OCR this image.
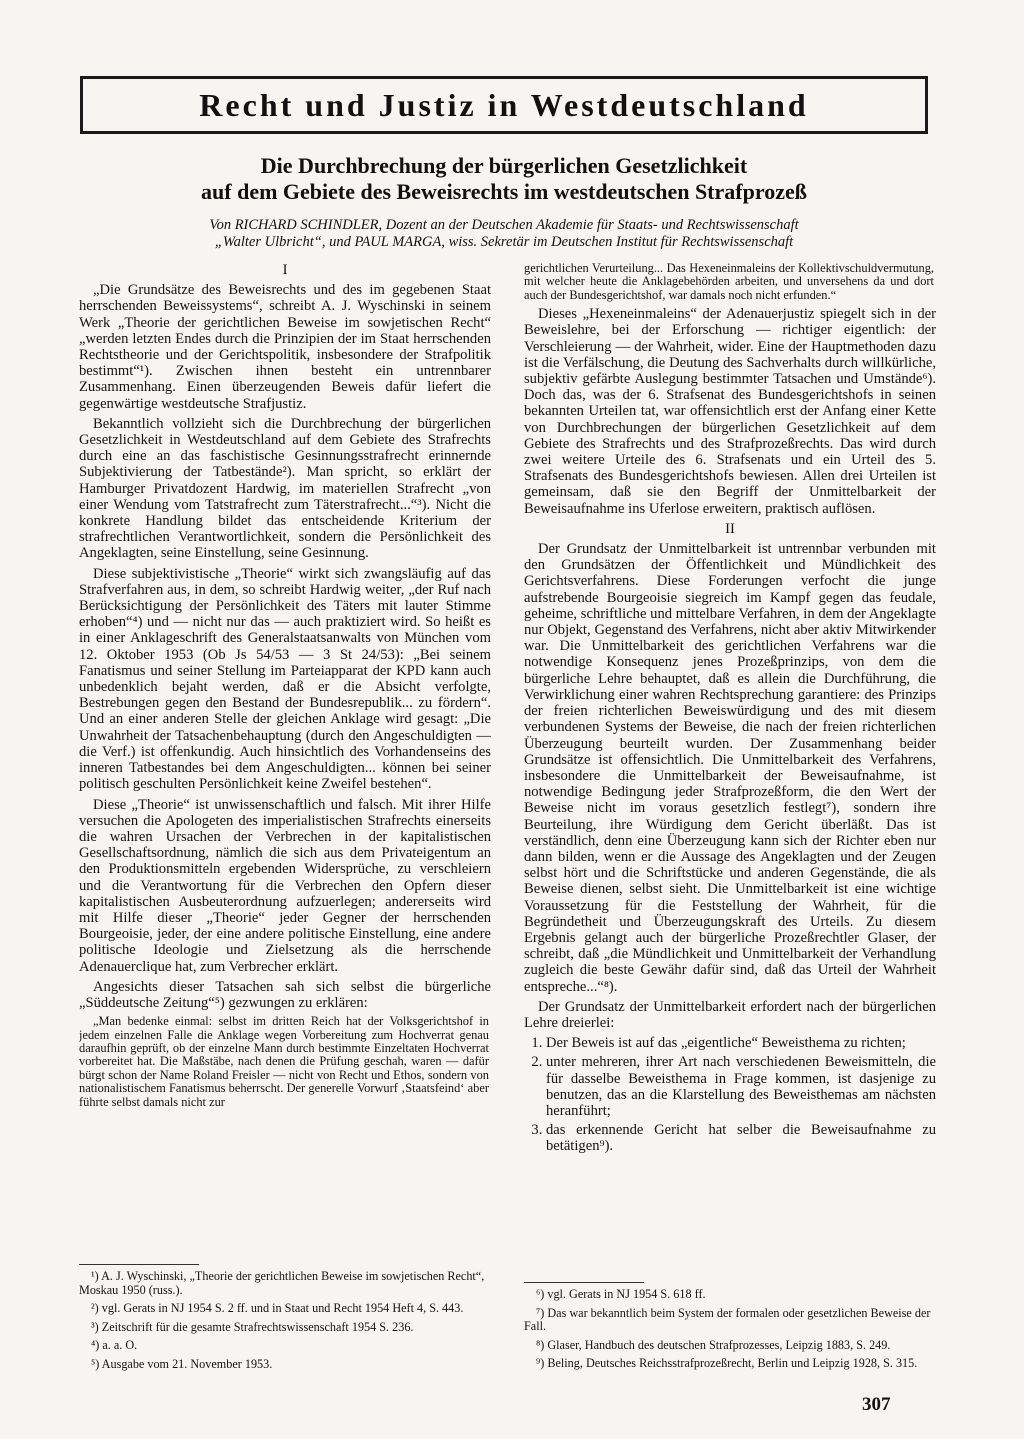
Recht und Justiz in Westdeutschland
Die Durchbrechung der bürgerlichen Gesetzlichkeit
auf dem Gebiete des Beweisrechts im westdeutschen Strafprozeß
Von RICHARD SCHINDLER, Dozent an der Deutschen Akademie für Staats- und Rechtswissenschaft
„Walter Ulbricht“, und PAUL MARGA, wiss. Sekretär im Deutschen Institut für Rechtswissenschaft

I

„Die Grundsätze des Beweisrechts und des im gegebenen Staat herrschenden Beweissystems“, schreibt A. J. Wyschinski in seinem Werk „Theorie der gerichtlichen Beweise im sowjetischen Recht“ „werden letzten Endes durch die Prinzipien der im Staat herrschenden Rechtstheorie und der Gerichtspolitik, insbesondere der Strafpolitik bestimmt“¹). Zwischen ihnen besteht ein untrennbarer Zusammenhang. Einen überzeugenden Beweis dafür liefert die gegenwärtige westdeutsche Strafjustiz.

Bekanntlich vollzieht sich die Durchbrechung der bürgerlichen Gesetzlichkeit in Westdeutschland auf dem Gebiete des Strafrechts durch eine an das faschistische Gesinnungsstrafrecht erinnernde Subjektivierung der Tatbestände²). Man spricht, so erklärt der Hamburger Privatdozent Hardwig, im materiellen Strafrecht „von einer Wendung vom Tatstrafrecht zum Täterstrafrecht...“³). Nicht die konkrete Handlung bildet das entscheidende Kriterium der strafrechtlichen Verantwortlichkeit, sondern die Persönlichkeit des Angeklagten, seine Einstellung, seine Gesinnung.

Diese subjektivistische „Theorie“ wirkt sich zwangsläufig auf das Strafverfahren aus, in dem, so schreibt Hardwig weiter, „der Ruf nach Berücksichtigung der Persönlichkeit des Täters mit lauter Stimme erhoben“⁴) und — nicht nur das — auch praktiziert wird. So heißt es in einer Anklageschrift des Generalstaatsanwalts von München vom 12. Oktober 1953 (Ob Js 54/53 — 3 St 24/53): „Bei seinem Fanatismus und seiner Stellung im Parteiapparat der KPD kann auch unbedenklich bejaht werden, daß er die Absicht verfolgte, Bestrebungen gegen den Bestand der Bundesrepublik... zu fördern“. Und an einer anderen Stelle der gleichen Anklage wird gesagt: „Die Unwahrheit der Tatsachenbehauptung (durch den Angeschuldigten — die Verf.) ist offenkundig. Auch hinsichtlich des Vorhandenseins des inneren Tatbestandes bei dem Angeschuldigten... können bei seiner politisch geschulten Persönlichkeit keine Zweifel bestehen“.

Diese „Theorie“ ist unwissenschaftlich und falsch. Mit ihrer Hilfe versuchen die Apologeten des imperialistischen Strafrechts einerseits die wahren Ursachen der Verbrechen in der kapitalistischen Gesellschaftsordnung, nämlich die sich aus dem Privateigentum an den Produktionsmitteln ergebenden Widersprüche, zu verschleiern und die Verantwortung für die Verbrechen den Opfern dieser kapitalistischen Ausbeuterordnung aufzuerlegen; andererseits wird mit Hilfe dieser „Theorie“ jeder Gegner der herrschenden Bourgeoisie, jeder, der eine andere politische Einstellung, eine andere politische Ideologie und Zielsetzung als die herrschende Adenauerclique hat, zum Verbrecher erklärt.

Angesichts dieser Tatsachen sah sich selbst die bürgerliche „Süddeutsche Zeitung“⁵) gezwungen zu erklären:

„Man bedenke einmal: selbst im dritten Reich hat der Volksgerichtshof in jedem einzelnen Falle die Anklage wegen Vorbereitung zum Hochverrat genau daraufhin geprüft, ob der einzelne Mann durch bestimmte Einzeltaten Hochverrat vorbereitet hat. Die Maßstäbe, nach denen die Prüfung geschah, waren — dafür bürgt schon der Name Roland Freisler — nicht von Recht und Ethos, sondern von nationalistischem Fanatismus beherrscht. Der generelle Vorwurf ‚Staatsfeind‘ aber führte selbst damals nicht zur
gerichtlichen Verurteilung... Das Hexeneinmaleins der Kollektivschuldvermutung, mit welcher heute die Anklagebehörden arbeiten, und unversehens da und dort auch der Bundesgerichtshof, war damals noch nicht erfunden.“

Dieses „Hexeneinmaleins“ der Adenauerjustiz spiegelt sich in der Beweislehre, bei der Erforschung — richtiger eigentlich: der Verschleierung — der Wahrheit, wider. Eine der Hauptmethoden dazu ist die Verfälschung, die Deutung des Sachverhalts durch willkürliche, subjektiv gefärbte Auslegung bestimmter Tatsachen und Umstände⁶). Doch das, was der 6. Strafsenat des Bundesgerichtshofs in seinen bekannten Urteilen tat, war offensichtlich erst der Anfang einer Kette von Durchbrechungen der bürgerlichen Gesetzlichkeit auf dem Gebiete des Strafrechts und des Strafprozeßrechts. Das wird durch zwei weitere Urteile des 6. Strafsenats und ein Urteil des 5. Strafsenats des Bundesgerichtshofs bewiesen. Allen drei Urteilen ist gemeinsam, daß sie den Begriff der Unmittelbarkeit der Beweisaufnahme ins Uferlose erweitern, praktisch auflösen.

II

Der Grundsatz der Unmittelbarkeit ist untrennbar verbunden mit den Grundsätzen der Öffentlichkeit und Mündlichkeit des Gerichtsverfahrens. Diese Forderungen verfocht die junge aufstrebende Bourgeoisie siegreich im Kampf gegen das feudale, geheime, schriftliche und mittelbare Verfahren, in dem der Angeklagte nur Objekt, Gegenstand des Verfahrens, nicht aber aktiv Mitwirkender war. Die Unmittelbarkeit des gerichtlichen Verfahrens war die notwendige Konsequenz jenes Prozeßprinzips, von dem die bürgerliche Lehre behauptet, daß es allein die Durchführung, die Verwirklichung einer wahren Rechtsprechung garantiere: des Prinzips der freien richterlichen Beweiswürdigung und des mit diesem verbundenen Systems der Beweise, die nach der freien richterlichen Überzeugung beurteilt wurden. Der Zusammenhang beider Grundsätze ist offensichtlich. Die Unmittelbarkeit des Verfahrens, insbesondere die Unmittelbarkeit der Beweisaufnahme, ist notwendige Bedingung jeder Strafprozeßform, die den Wert der Beweise nicht im voraus gesetzlich festlegt⁷), sondern ihre Beurteilung, ihre Würdigung dem Gericht überläßt. Das ist verständlich, denn eine Überzeugung kann sich der Richter eben nur dann bilden, wenn er die Aussage des Angeklagten und der Zeugen selbst hört und die Schriftstücke und anderen Gegenstände, die als Beweise dienen, selbst sieht. Die Unmittelbarkeit ist eine wichtige Voraussetzung für die Feststellung der Wahrheit, für die Begründetheit und Überzeugungskraft des Urteils. Zu diesem Ergebnis gelangt auch der bürgerliche Prozeßrechtler Glaser, der schreibt, daß „die Mündlichkeit und Unmittelbarkeit der Verhandlung zugleich die beste Gewähr dafür sind, daß das Urteil der Wahrheit entspreche...“⁸).

Der Grundsatz der Unmittelbarkeit erfordert nach der bürgerlichen Lehre dreierlei:

1. Der Beweis ist auf das „eigentliche“ Beweisthema zu richten;
2. unter mehreren, ihrer Art nach verschiedenen Beweismitteln, die für dasselbe Beweisthema in Frage kommen, ist dasjenige zu benutzen, das an die Klarstellung des Beweisthemas am nächsten heranführt;
3. das erkennende Gericht hat selber die Beweisaufnahme zu betätigen⁹).

¹) A. J. Wyschinski, „Theorie der gerichtlichen Beweise im sowjetischen Recht“, Moskau 1950 (russ.).

²) vgl. Gerats in NJ 1954 S. 2 ff. und in Staat und Recht 1954 Heft 4, S. 443.

³) Zeitschrift für die gesamte Strafrechtswissenschaft 1954 S. 236.

⁴) a. a. O.

⁵) Ausgabe vom 21. November 1953.

⁶) vgl. Gerats in NJ 1954 S. 618 ff.

⁷) Das war bekanntlich beim System der formalen oder gesetzlichen Beweise der Fall.

⁸) Glaser, Handbuch des deutschen Strafprozesses, Leipzig 1883, S. 249.

⁹) Beling, Deutsches Reichsstrafprozeßrecht, Berlin und Leipzig 1928, S. 315.

307
